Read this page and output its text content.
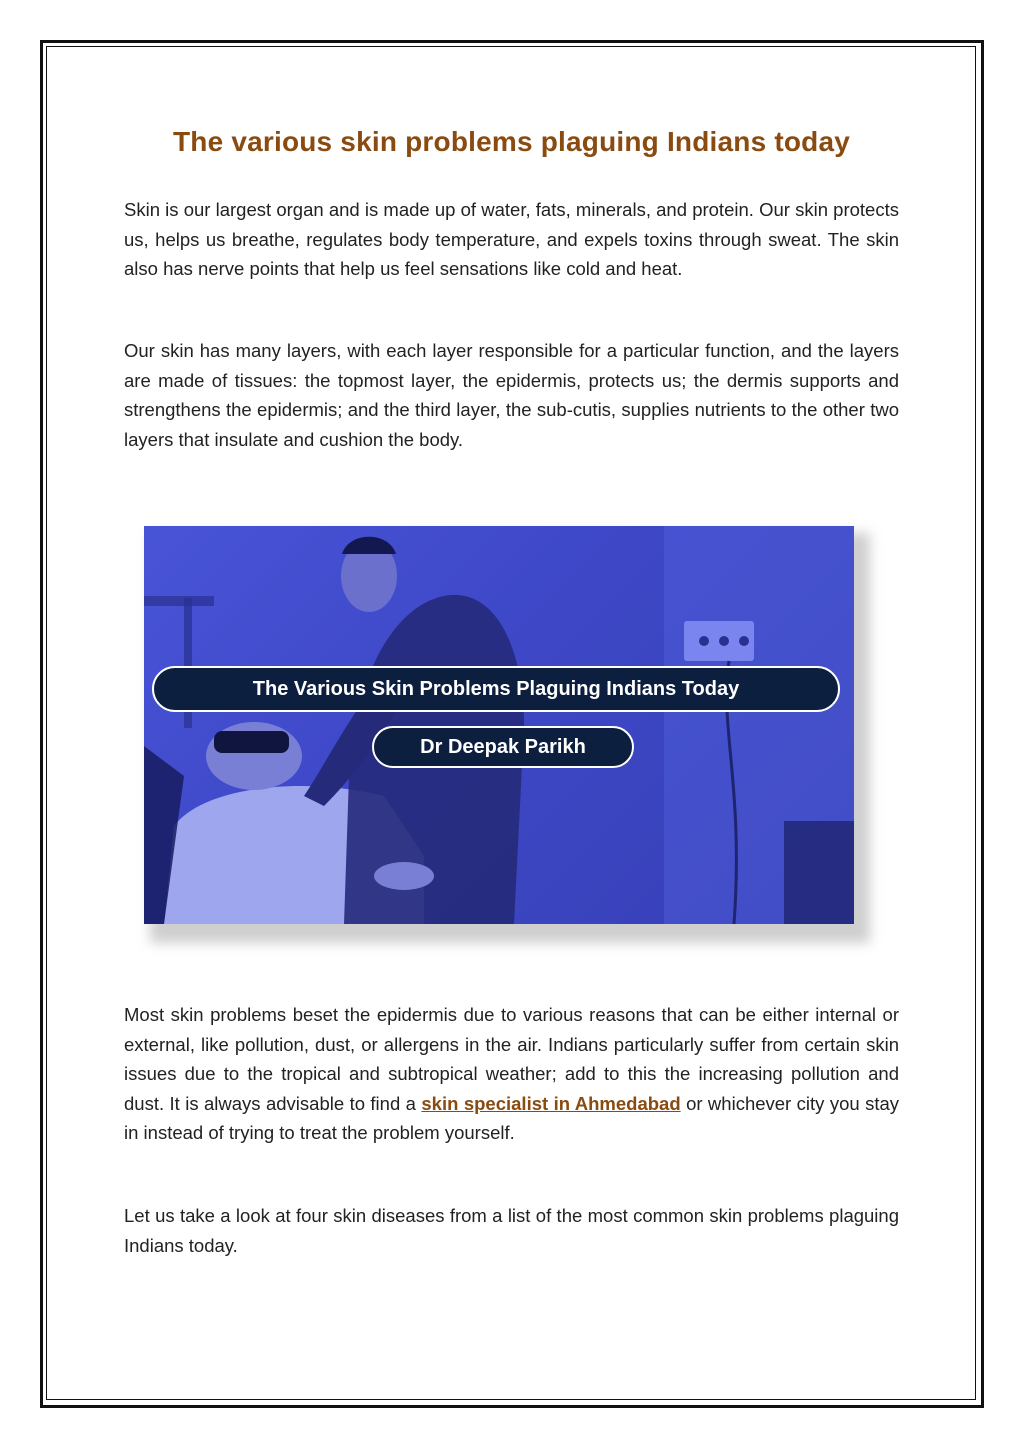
The various skin problems plaguing Indians today

Skin is our largest organ and is made up of water, fats, minerals, and protein. Our skin protects us, helps us breathe, regulates body temperature, and expels toxins through sweat. The skin also has nerve points that help us feel sensations like cold and heat.

Our skin has many layers, with each layer responsible for a particular function, and the layers are made of tissues: the topmost layer, the epidermis, protects us; the dermis supports and strengthens the epidermis; and the third layer, the sub-cutis, supplies nutrients to the other two layers that insulate and cushion the body.

The Various Skin Problems Plaguing Indians Today
Dr Deepak Parikh

Most skin problems beset the epidermis due to various reasons that can be either internal or external, like pollution, dust, or allergens in the air. Indians particularly suffer from certain skin issues due to the tropical and subtropical weather; add to this the increasing pollution and dust. It is always advisable to find a skin specialist in Ahmedabad or whichever city you stay in instead of trying to treat the problem yourself.

Let us take a look at four skin diseases from a list of the most common skin problems plaguing Indians today.
